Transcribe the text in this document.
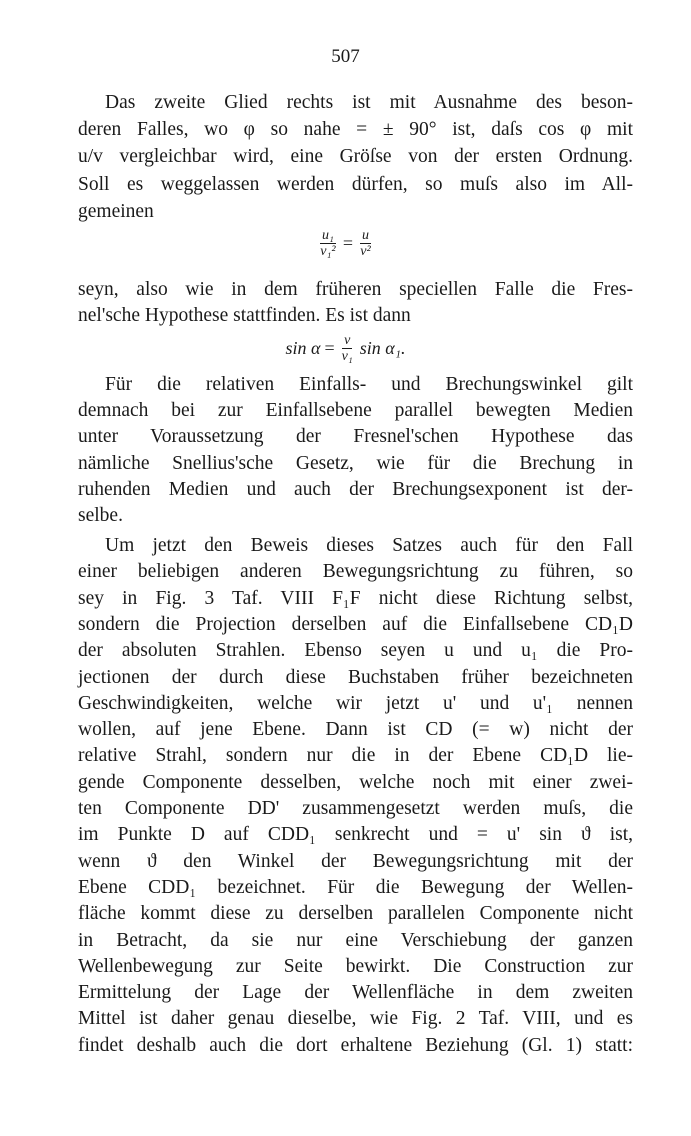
507
Das zweite Glied rechts ist mit Ausnahme des beson-
deren Falles, wo φ so nahe = ± 90° ist, daſs cos φ mit
u/v vergleichbar wird, eine Gröſse von der ersten Ordnung.
Soll es weggelassen werden dürfen, so muſs also im All-
gemeinen
seyn, also wie in dem früheren speciellen Falle die Fres-
nel'sche Hypothese stattfinden. Es ist dann
Für die relativen Einfalls- und Brechungswinkel gilt
demnach bei zur Einfallsebene parallel bewegten Medien
unter Voraussetzung der Fresnel'schen Hypothese das
nämliche Snellius'sche Gesetz, wie für die Brechung in
ruhenden Medien und auch der Brechungsexponent ist der-
selbe.
Um jetzt den Beweis dieses Satzes auch für den Fall
einer beliebigen anderen Bewegungsrichtung zu führen, so
sey in Fig. 3 Taf. VIII F₁F nicht diese Richtung selbst,
sondern die Projection derselben auf die Einfallsebene CD₁D
der absoluten Strahlen. Ebenso seyen u und u₁ die Pro-
jectionen der durch diese Buchstaben früher bezeichneten
Geschwindigkeiten, welche wir jetzt u' und u'₁ nennen
wollen, auf jene Ebene. Dann ist CD (= w) nicht der
relative Strahl, sondern nur die in der Ebene CD₁D lie-
gende Componente desselben, welche noch mit einer zwei-
ten Componente DD' zusammengesetzt werden muſs, die
im Punkte D auf CDD₁ senkrecht und = u' sin ϑ ist,
wenn ϑ den Winkel der Bewegungsrichtung mit der
Ebene CDD₁ bezeichnet. Für die Bewegung der Wellen-
fläche kommt diese zu derselben parallelen Componente nicht
in Betracht, da sie nur eine Verschiebung der ganzen
Wellenbewegung zur Seite bewirkt. Die Construction zur
Ermittelung der Lage der Wellenfläche in dem zweiten
Mittel ist daher genau dieselbe, wie Fig. 2 Taf. VIII, und es
findet deshalb auch die dort erhaltene Beziehung (Gl. 1) statt:
$\frac{\text{u₁}}{\text{v₁²}} = \frac{u}{\text{v²}}$
$\sin \alpha = \frac{v}{\text{v₁}}$ sin α₁.
